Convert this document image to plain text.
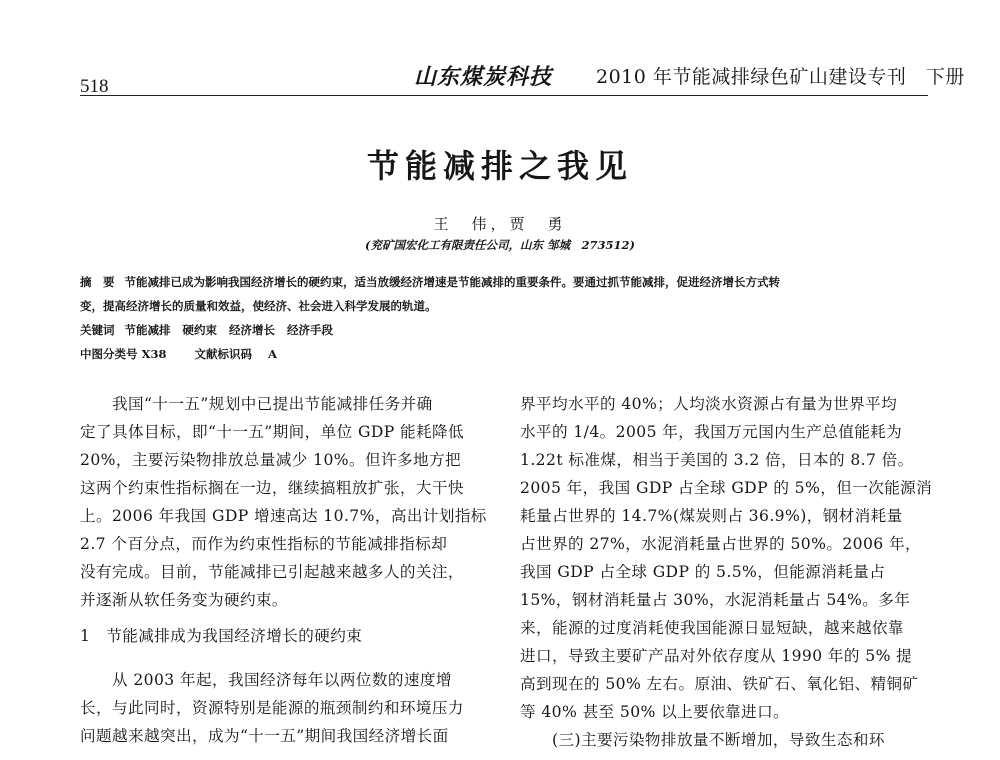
518	山东煤炭科技 2010 年节能减排绿色矿山建设专刊　下册
节能减排之我见
王　伟，贾　勇
(兖矿国宏化工有限责任公司，山东 邹城　273512)
摘　要 节能减排已成为影响我国经济增长的硬约束，适当放缓经济增速是节能减排的重要条件。要通过抓节能减排，促进经济增长方式转
变，提高经济增长的质量和效益，使经济、社会进入科学发展的轨道。
关键词 节能减排 硬约束 经济增长 经济手段
中图分类号 X38 文献标识码 A
　　我国“十一五”规划中已提出节能减排任务并确
定了具体目标，即“十一五”期间，单位 GDP 能耗降低
20%，主要污染物排放总量减少 10%。但许多地方把
这两个约束性指标搁在一边，继续搞粗放扩张，大干快
上。2006 年我国 GDP 增速高达 10.7%，高出计划指标
2.7 个百分点，而作为约束性指标的节能减排指标却
没有完成。目前，节能减排已引起越来越多人的关注，
并逐渐从软任务变为硬约束。
1　节能减排成为我国经济增长的硬约束
　　从 2003 年起，我国经济每年以两位数的速度增
长，与此同时，资源特别是能源的瓶颈制约和环境压力
问题越来越突出，成为“十一五”期间我国经济增长面
界平均水平的 40%；人均淡水资源占有量为世界平均
水平的 1/4。2005 年，我国万元国内生产总值能耗为
1.22t 标准煤，相当于美国的 3.2 倍，日本的 8.7 倍。
2005 年，我国 GDP 占全球 GDP 的 5%，但一次能源消
耗量占世界的 14.7%(煤炭则占 36.9%)，钢材消耗量
占世界的 27%，水泥消耗量占世界的 50%。2006 年，
我国 GDP 占全球 GDP 的 5.5%，但能源消耗量占
15%，钢材消耗量占 30%，水泥消耗量占 54%。多年
来，能源的过度消耗使我国能源日显短缺，越来越依靠
进口，导致主要矿产品对外依存度从 1990 年的 5% 提
高到现在的 50% 左右。原油、铁矿石、氧化铝、精铜矿
等 40% 甚至 50% 以上要依靠进口。
　　(三)主要污染物排放量不断增加，导致生态和环
